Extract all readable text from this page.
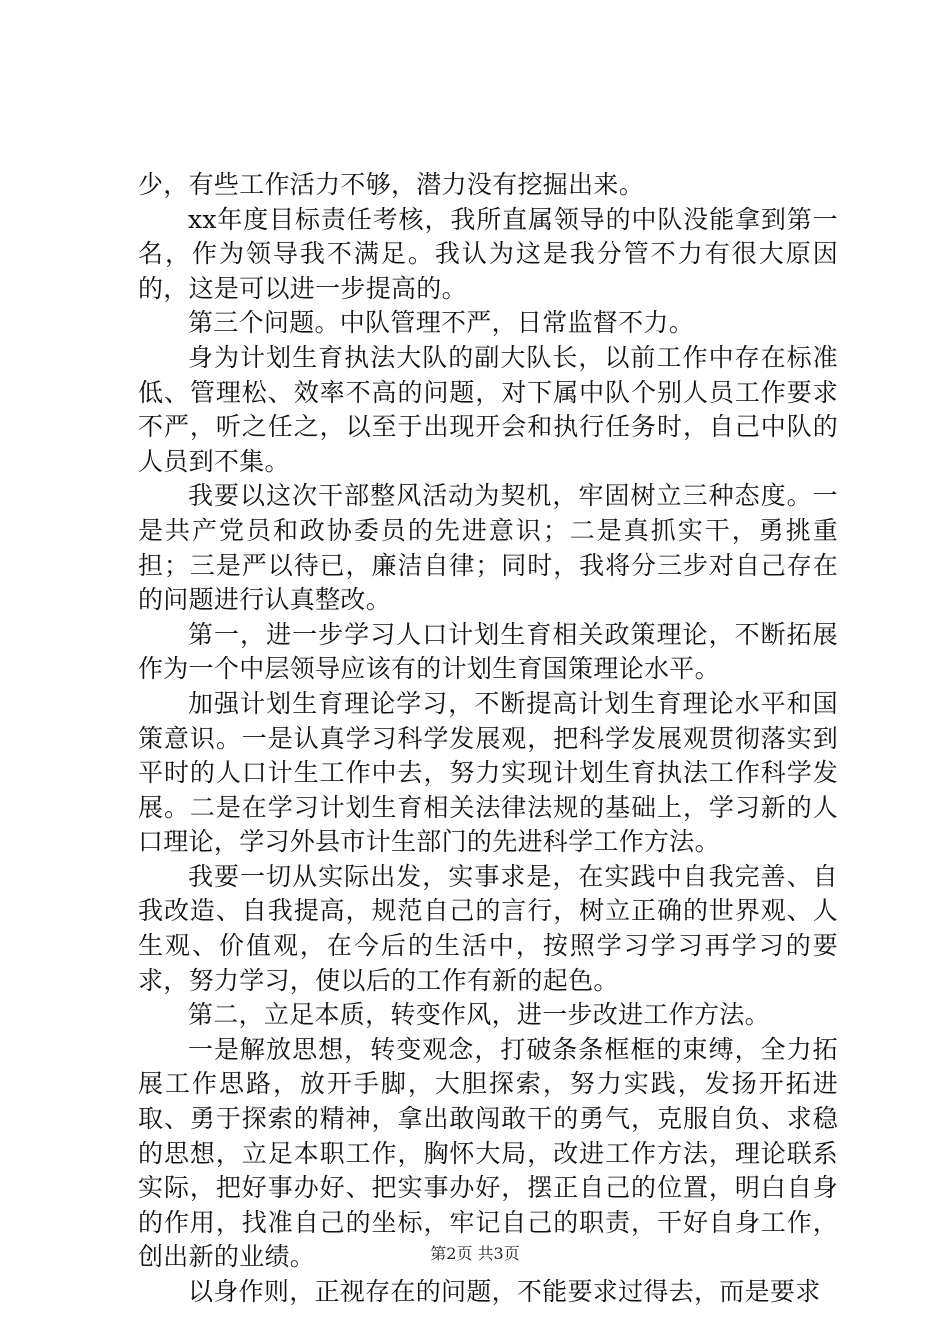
少，有些工作活力不够，潜力没有挖掘出来。

xx年度目标责任考核，我所直属领导的中队没能拿到第一名，作为领导我不满足。我认为这是我分管不力有很大原因的，这是可以进一步提高的。

第三个问题。中队管理不严，日常监督不力。

身为计划生育执法大队的副大队长，以前工作中存在标准低、管理松、效率不高的问题，对下属中队个别人员工作要求不严，听之任之，以至于出现开会和执行任务时，自己中队的人员到不集。

我要以这次干部整风活动为契机，牢固树立三种态度。一是共产党员和政协委员的先进意识；二是真抓实干，勇挑重担；三是严以待已，廉洁自律；同时，我将分三步对自己存在的问题进行认真整改。

第一，进一步学习人口计划生育相关政策理论，不断拓展作为一个中层领导应该有的计划生育国策理论水平。

加强计划生育理论学习，不断提高计划生育理论水平和国策意识。一是认真学习科学发展观，把科学发展观贯彻落实到平时的人口计生工作中去，努力实现计划生育执法工作科学发展。二是在学习计划生育相关法律法规的基础上，学习新的人口理论，学习外县市计生部门的先进科学工作方法。

我要一切从实际出发，实事求是，在实践中自我完善、自我改造、自我提高，规范自己的言行，树立正确的世界观、人生观、价值观，在今后的生活中，按照学习学习再学习的要求，努力学习，使以后的工作有新的起色。

第二，立足本质，转变作风，进一步改进工作方法。

一是解放思想，转变观念，打破条条框框的束缚，全力拓展工作思路，放开手脚，大胆探索，努力实践，发扬开拓进取、勇于探索的精神，拿出敢闯敢干的勇气，克服自负、求稳的思想，立足本职工作，胸怀大局，改进工作方法，理论联系实际，把好事办好、把实事办好，摆正自己的位置，明白自身的作用，找准自己的坐标，牢记自己的职责，干好自身工作，创出新的业绩。

以身作则，正视存在的问题，不能要求过得去，而是要求

第2页 共3页
